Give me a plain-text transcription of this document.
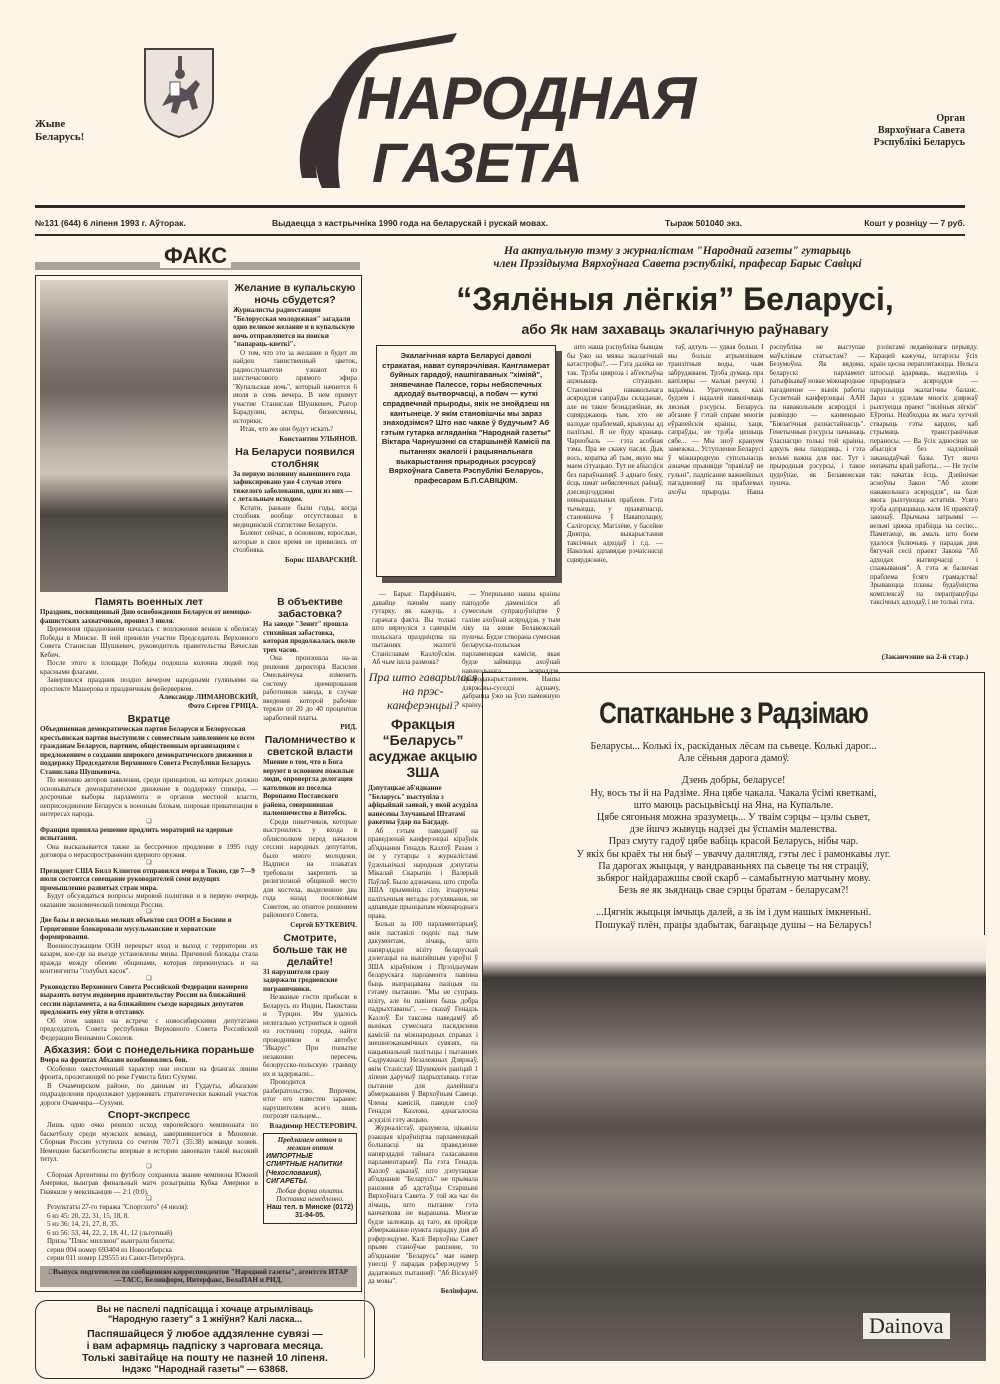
Жыве Беларусь!
НАРОДНАЯ
ГАЗЕТА
Орган
Вярхоўнага Савета
Рэспублікі Беларусь
№131 (644) 6 ліпеня 1993 г. Аўторак.	Выдаецца з кастрычніка 1990 года на беларускай і рускай мовах.	Тыраж 501040 экз.	Кошт у розніцу — 7 руб.
ФАКС
Желание в купальскую ночь сбудется?
Журналисты радиостанции "Белорусская молодежная" загадали одно великое желание и в купальскую ночь отправляются на поиски "папараць-кветкі".
О том, что это за желание и будет ли найден таинственный цветок, радиослушатели узнают из шестичасового прямого эфира "Купальская ночь", который начнется 6 июля в семь вечера. В нем примут участие Станислав Шушкевич, Рыгор Барадулин, актеры, бизнесмены, историки.
Итак, что же они будут искать?
Константин УЛЬЯНОВ.
На Беларуси появился столбняк
За первую половину нынешнего года зафиксировано уже 4 случая этого тяжелого заболевания, один из них — с летальным исходом.
Кстати, раньше были годы, когда столбняк вообще отсутствовал в медицинской статистике Беларуси.
Болеют сейчас, в основном, взрослые, которые в свое время не привились от столбняка.
Борис ШАВАРСКИЙ.
Память военных лет
Праздник, посвященный Дню освобождения Беларуси от немецко-фашистских захватчиков, прошел 3 июля.
Церемония празднования началась с возложения венков к обелиску Победы в Минске. В ней приняли участие Председатель Верховного Совета Станислав Шушкевич, руководитель правительства Вячеслав Кебич.
После этого к площади Победы подошла колонна людей под красными флагами.
Завершился праздник поздно вечером народными гуляньями на проспекте Машерова и праздничным фейерверком.
Александр ЛИМАНОВСКИЙ,
Фото Сергея ГРИЦА.
Вкратце
Объединенная демократическая партия Беларуси и Белорусская крестьянская партия выступили с совместным заявлением ко всем гражданам Беларуси, партиям, общественным организациям с предложением о создании широкого демократического движения в поддержку Председателя Верховного Совета Республики Беларусь Станислава Шушкевича.
По мнению авторов заявления, среди принципов, на которых должно основываться демократическое движение в поддержку спикера, — досрочные выборы парламента и органов местной власти, неприсоединение Беларуси к военным блокам, широкая приватизация в интересах народа.
❑
Франция приняла решение продлить мораторий на ядерные испытания.
Она высказывается также за бессрочное продление в 1995 году договора о нераспространении ядерного оружия.
❑
Президент США Билл Клинтон отправился вчера в Токио, где 7—9 июля состоится совещание руководителей семи ведущих промышленно развитых стран мира.
Будут обсуждаться вопросы мировой политики и в первую очередь оказание экономической помощи России.
❑
Две базы и несколько мелких объектов сил ООН в Боснии и Герцеговине блокировали мусульманские и хорватские формирования.
Военнослужащим ООН перекрыт вход и выход с территории их казарм, кое-где на въезде установлены мины. Причиной блокады стала вражда между обеими общинами, которая перекинулась и на контингенты "голубых касок".
❑
Руководство Верховного Совета Российской Федерации намерено выразить вотум недоверия правительству России на ближайшей сессии парламента, а на ближайшем съезде народных депутатов предложить ему уйти в отставку.
Об этом заявил на встрече с новосибирскими депутатами председатель Совета республики Верховного Совета Российской Федерации Вениамин Соколов.
Абхазия: бои с понедельника пораньше
Вчера на фронтах Абхазии возобновились бои.
Особенно ожесточенный характер они носили на флангах линии фронта, пролегающей по реке Гумиста близ Сухуми.
В Очамчирском районе, по данным из Гудауты, абхазские подразделения продолжают удерживать стратегически важный участок дороги Очамчира—Сухуми.
Спорт-экспресс
Лишь одно очко решило исход европейского чемпионата по баскетболу среди мужских команд, завершившегося в Мюнхене. Сборная России уступила со счетом 70:71 (35:38) команде хозяев. Немецкие баскетболисты впервые в истории завоевали такой высокий титул.
❑
Сборная Аргентины по футболу сохранила звание чемпиона Южной Америки, выиграв финальный матч розыгрыша Кубка Америки в Гваякиле у мексиканцев — 2:1 (0:0).
❑
Результаты 27-го тиража "Спортлото" (4 июля):
6 из 45: 20, 22, 31, 15, 18, 8.
5 из 36: 14, 21, 27, 8, 35.
6 из 56: 53, 44, 22, 2, 18, 41, 12 (льготный)
Призы "Плюс миллион" выиграли билеты:
серии 004 номер 693404 из Новосибирска
серии 011 номер 129555 из Санкт-Петербурга.
В объективе забастовка?
На заводе "Зенит" прошла стихийная забастовка, которая продолжалась около трех часов.
Она произошла на-за решения директора Василия Омельянчука изменить систему премирования работников завода, в случае введения которой рабочие теряли от 20 до 40 процентов заработной платы.
РИД.
Паломничество к светской власти
Мнение о том, что в Бога веруют в основном пожилые люди, опровергла делегация католиков из поселка Воропаево Поставского района, совершившая паломничество в Витебск.
Среди пикетчиков, которые выстроились у входа в облисполком перед началом сессии народных депутатов, было много молодежи. Надписи на плакатах требовали закрепить за религиозной общиной место для костела, выделенное два года назад поселковым Советом, но отнятое решением районного Совета.
Сергей БУТКЕВИЧ.
Смотрите, больше так не делайте!
31 нарушителя сразу задержали гродненские пограничники.
Незваные гости прибыли в Беларусь из Индии, Пакистана и Турции. Им удалось нелегально устроиться в одной из гостиниц города, найти проводников и автобус "Икарус". При попытке незаконно пересечь белорусско-польскую границу их и задержали...
Проводится разбирательство. Впрочем, итог его известен заранее: нарушителям всего лишь погрозят пальцем...
Владимир НЕСТЕРОВИЧ.
Предлагаем оптом и мелким оптом
ИМПОРТНЫЕ СПИРТНЫЕ НАПИТКИ (Чехословакия),
СИГАРЕТЫ.
Любая форма оплаты.
Поставка немедленно.
Наш тел. в Минске (0172) 31-94-05.
□Выпуск подготовлен по сообщениям корреспондентов "Народной газеты", агентств ИТАР—ТАСС, Белинформ, Интерфакс, БелаПАН и РИД.
Вы не паспелі падпісацца і хочаце атрымліваць
"Народную газету" з 1 жніўня? Калі ласка...
Паспяшайцеся ў любое аддзяленне сувязі —
і вам афармяць падпіску з чарговага месяца.
Толькі завітайце на пошту не пазней 10 ліпеня.
Індэкс "Народнай газеты" — 63868.
На актуальную тэму з журналістам "Народнай газеты" гутарыць
член Прэзідыума Вярхоўнага Савета рэспублікі, прафесар Барыс Савіцкі
“Зялёныя лёгкія” Беларусі,
або Як нам захаваць экалагічную раўнавагу
Экалагічная карта Беларусі даволі стракатая, нават супярэчлівая. Кангламерат буйных гарадоў, нашпігаваных "хіміяй", знявечанае Палессе, горы небяспечных адходаў вытворчасці, а побач — куткі спрадвечнай прыроды, якіх не знойдзеш на кантынеце. У якім становішчы мы зараз знаходзімся? Што нас чакае ў будучым? Аб гэтым гутарка агляданіка "Народнай газеты" Віктара Чарнушэнкі са старшынёй Камісіі па пытаннях экалогіі і рацыянальнага выкарыстання прыродных рэсурсаў Вярхоўнага Савета Рэспублікі Беларусь, прафесарам Б.П.САВІЦКІМ.
— Барыс Парфёнавіч, давайце пачнём нашу гутарку, як кажуць, з гарачага факта. Вы толькі што вярнуліся з савецкім польскага праздніцтва па пытаннях экалогіі Станіславам Казлоўскім. Аб чым ішла размова?
— Упершыню нашы краіны паподобе даменіліся аб сумесным супрацоўніцтве ў галіне ахоўнай асяроддзя, у тым ліку па ахове Белавежскай пушчы. Будзе створана сумесная беларуска-польская парламенцкая камісія, якая будзе займацца ахоўнай навакольнага асяроддзя, прыродакарыстаннем. Нашы дзяржавы-суседзі адзначу, дабрацца ўжо на ўсю памежную краіну.
што наша рэспубліка бывцам бы ўжо на мяжы экалагічнай катастрофы?.. — Гэта далёка не так. Трэба цвяроза і аб'ектыўна ацэньваць сітуацыю. Становішча навакольнага асяроддзя сапраўды складанае, але не такое безнадзейнае, як сцвярджаюць тыя, хто не валодае праблемай, крыкуны ад палітыкі. Я не буду кранаць Чарнобыль — гэта асобная тэма. Пра яе скажу пасля. Дык вось, коратка аб тым, якую мы маем сітуацыю. Тут не абысціся без параўнанняў. З аднаго боку, ёсць шмат небяспечных раёнаў, дзесяцігоддзямі невырашальных праблем. Гэта тычыцца, у прыватнасці, становішча ў Наваполацку, Салігорску, Магілёве, у басейне Дняпра, выкарыстання таксічных адходаў і г.д. — Наколькі адпавядае рэчаіснасці сцвярджэнне,
таў, адтуль — удвая больш. І мы больш атрымліваем транзітныя воды, чым забруджваем. Трэба думаць пра капіляры — малыя рачулкі і вадаёмы. Уратуемся, калі будзем і надалей павялічваць лясныя рэсурсы. Беларусь абганяе ў гэтай справе многія еўрапейскія краіны, хаця, сапраўды, не трэба цешыць сябе... — Мы зноў крануем замежжа... Уступленне Беларусі ў міжнародную супольнасць азначае прыняцце "правілаў не гульні", падпісанне важнейшых пагадненняў па праблемах ахоўы прыроды. Наша рэспубліка не выступае маўклівым статыстам? — Безумоўна. Як вядома, беларускі парламент ратыфікаваў новае міжнароднае пагадненне — вынік работы Сусветнай канферэнцыі ААН па навакольным асяроддзі і развіццю — канвенцыю "Біялагічная разнастайнасць". Генетычныя рэсурсы пачынаць ўласнасцю толькі той краіны, адкуль яны паходзяць, і гэта вельмі важна для нас. Тут і прыродныя рэсурсы, і такое цудоўнае, як Белавежская пушча.
рэліктамі ледавіковага перыяду. Карацей кажучы, інтарэсы ўсіх краін цесна пераплятаюцца. Нельга штосьці адарваць, выдзеліць з прыроднага асяроддзя — парушыцца экалагічны баланс. Зараз з удзелам многіх дзяржаў рыхтуецца праект "зялёныя лёгкія" Еўропы. Неабходна як мага хутчэй стварыць гэты кардон, каб стрымаць трансгранічныя пераносы. — Ва ўсіх адносінах не абысціся без надзейнай заканадаўчай базы. Тут яшчэ непачаты край работы... — Не зусім так: пачатак ёсць. Дзейнічае асноўны Закон "Аб ахове навакольнага асяроддзя", на базе якога рыхтуюцца астатнія. Усяго трэба адпрацаваць каля 16 праектаў законаў. Прычына затрымкі — вельмі цяжка прабіцца на сесію... Памятаеце, як амаль што боем удалося ўключыць у парадак дня бягучай сесіі праект Закона "Аб адходах вытворчасці і спажывання". А гэта ж балючая праблема ўсяго грамадства! Зрываюцца планы будаўніцтва комплексаў па перапрацоўцы таксічных адходаў, і не толькі гэта.
(Заканчэнне на 2-й стар.)
Пра што гаварылася на прэс-канферэнцыі?
Фракцыя “Беларусь” асуджае акцыю ЗША
Дэпутацкае аб'яднанне "Беларусь" выступіла з афіцыйнай заявай, у якой асудзіла нанесены Злучанымі Штатамі ракетны ўдар па Багдаду.
Аб гэтым паведаміў на праведзенай канферэнцыі кіраўнік аб'яднання Генадзь Казлоў. Разам з ім у гутарцы з журналістамі ўдзельнічалі народныя дэпутаты Мікалай Скарыпін і Валерый Паўлаў. Было адзначана, што спроба ЗША прымяніць сілу, ігнаруючы палітычныя метады рэгулявання, не адпавядае прынцыпам міжнароднага права.
Больш за 100 парламентарыяў, якія паставілі подпіс пад тым дакументам, лічаць, што напярэдадні візіту беларускай дэлегацыі на вышэйшым узроўні ў ЗША кіраўніком і Прэзідыумам беларускага парламента павінна быць выпрацавана пазіцыя па гэтаму пытанню. "Мы не супраць візіту, але ён павінен быць добра падрыхтаваны", — сказаў Генадзь Казлоў. Ён таксама паведаміў аб выніках сумеснага пасяджэння камісій па міжнародных справах і знешнеэканамічных сувязях, па нацыянальнай палітыцы і пытаннях Садружнасці Незалежных Дзяржаў, якім Станіслаў Шушкевіч раніцай 1 ліпеня даручыў падрыхтаваць гэтае пытанне для далейшага абмеркавання ў Вярхоўным Савеце. Члены камісій, паводле слоў Генадзя Казлова, аднагалосна асудзілі гэту акцыю.
Журналістаў, зразумела, цікавіла рэакцыя кіраўніцтва парламенцкай большасці на правядзенне напярэдадні тайнага галасавання парламентарыяў. Па гэта Генадзь Казлоў адказаў, што дэпутацкае аб'яднанне "Беларусь" не прымала рашэння аб адстаўцы Старшыні Вярхоўнага Савета. У той жа час ён лічыць, што пытанне гэта канчаткова не вырашана. Многае будзе залежаць ад таго, як пройдзе абмеркаванне пункта парадку дня аб рэферэндуме. Калі Вярхоўны Савет прыме станоўчае рашэнне, то аб'яднанне "Беларусь" мае намер унесці ў парадак рэферэндуму 5 дадатковых пытанняў: "Аб Віскулёў да мовы".
Белінфарм.
Спатканьне з Радзімаю
Беларусы... Колькі іх, раскіданых лёсам па сьвеце. Колькі дарог...
Але сёньня дарога дамоў.
Дзень добры, беларусе!
Ну, вось ты й на Радзіме. Яна цябе чакала. Чакала ўсімі кветкамі,
што маюць расьцьвісьці на Яна, на Купальле.
Цябе сягоньня можна зразумець... У тваім сэрцы – цэлы сьвет,
дзе йшчэ жывуць надзеі ды ўспамін маленства.
Праз смуту гадоў цябе вабіць красой Беларусь, нібы чар.
У якіх бы краёх ты ня быў – уваччу далягляд, гэты лес і рамонкавы луг.
Па дарогах жыцьця, у вандраваньнях па сьвеце ты ня страціў,
зьбярог найдаражшы свой скарб – самабытную матчыну мову.
Безь яе як зьяднаць свае сэрцы братам - беларусам?!
...Цягнік жыцьця імчыць далей, а зь ім і дум нашых імкненьні.
Пошукаў плён, працы здабытак, багацьце душы – на Беларусь!
Dainova
